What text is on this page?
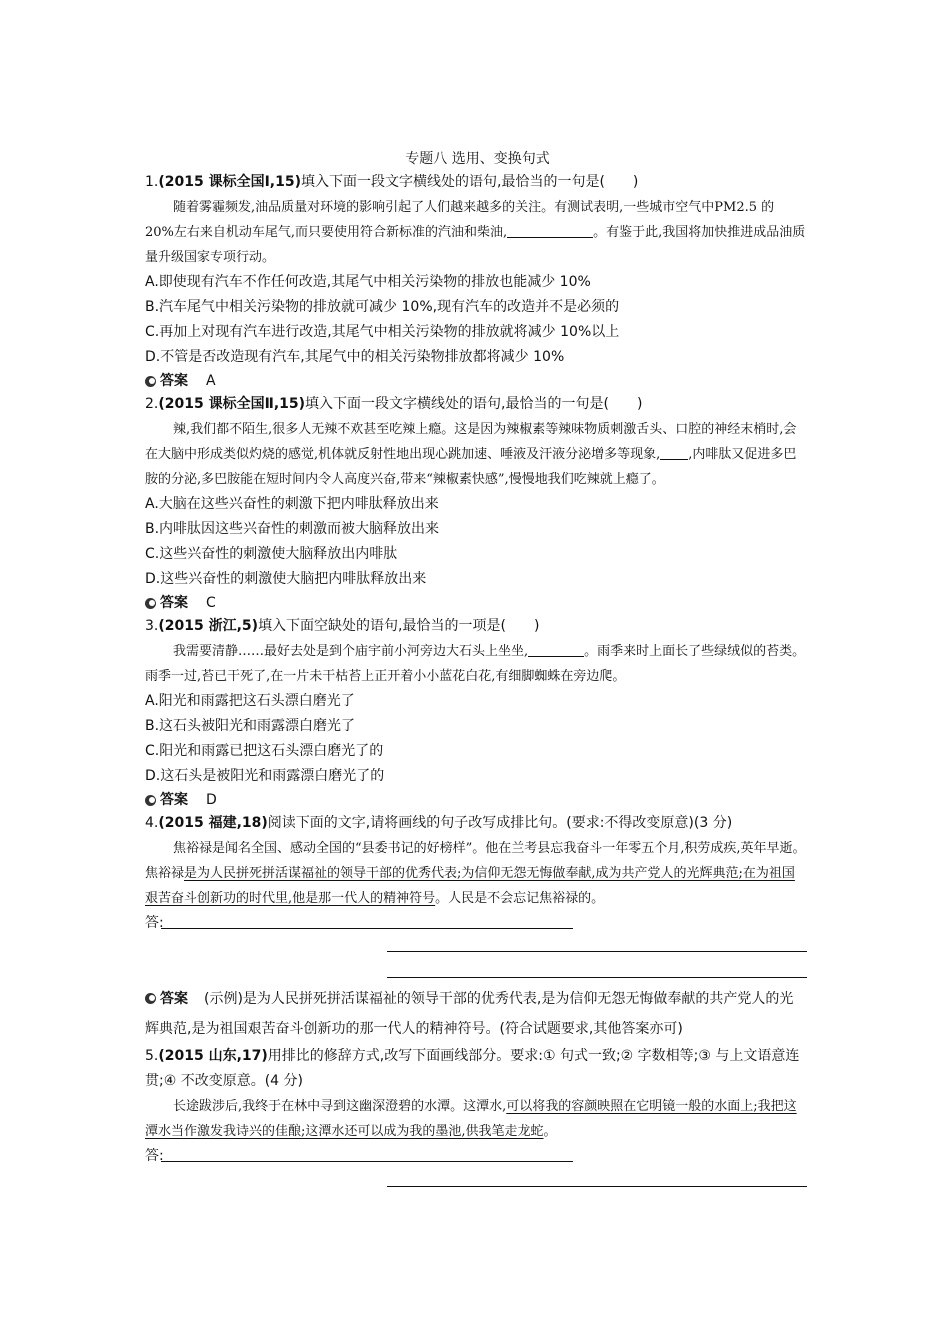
专题八 选用、变换句式
1.(2015 课标全国Ⅰ,15)填入下面一段文字横线处的语句,最恰当的一句是(　　)

随着雾霾频发,油品质量对环境的影响引起了人们越来越多的关注。有测试表明,一些城市空气中PM2.5 的 20%左右来自机动车尾气,而只要使用符合新标准的汽油和柴油,	。有鉴于此,我国将加快推进成品油质量升级国家专项行动。

A.即使现有汽车不作任何改造,其尾气中相关污染物的排放也能减少 10%
B.汽车尾气中相关污染物的排放就可减少 10%,现有汽车的改造并不是必须的
C.再加上对现有汽车进行改造,其尾气中相关污染物的排放就将减少 10%以上
D.不管是否改造现有汽车,其尾气中的相关污染物排放都将减少 10%
答案 A
2.(2015 课标全国Ⅱ,15)填入下面一段文字横线处的语句,最恰当的一句是(　　)

辣,我们都不陌生,很多人无辣不欢甚至吃辣上瘾。这是因为辣椒素等辣味物质刺激舌头、口腔的神经末梢时,会在大脑中形成类似灼烧的感觉,机体就反射性地出现心跳加速、唾液及汗液分泌增多等现象, ,内啡肽又促进多巴胺的分泌,多巴胺能在短时间内令人高度兴奋,带来“辣椒素快感”,慢慢地我们吃辣就上瘾了。

A.大脑在这些兴奋性的刺激下把内啡肽释放出来
B.内啡肽因这些兴奋性的刺激而被大脑释放出来
C.这些兴奋性的刺激使大脑释放出内啡肽
D.这些兴奋性的刺激使大脑把内啡肽释放出来
答案 C
3.(2015 浙江,5)填入下面空缺处的语句,最恰当的一项是(　　)

我需要清静……最好去处是到个庙宇前小河旁边大石头上坐坐,	。雨季来时上面长了些绿绒似的苔类。雨季一过,苔已干死了,在一片未干枯苔上正开着小小蓝花白花,有细脚蜘蛛在旁边爬。

A.阳光和雨露把这石头漂白磨光了
B.这石头被阳光和雨露漂白磨光了
C.阳光和雨露已把这石头漂白磨光了的
D.这石头是被阳光和雨露漂白磨光了的
答案 D
4.(2015 福建,18)阅读下面的文字,请将画线的句子改写成排比句。(要求:不得改变原意)(3 分)

焦裕禄是闻名全国、感动全国的“县委书记的好榜样”。他在兰考县忘我奋斗一年零五个月,积劳成疾,英年早逝。焦裕禄是为人民拼死拼活谋福祉的领导干部的优秀代表;为信仰无怨无悔做奉献,成为共产党人的光辉典范;在为祖国艰苦奋斗创新功的时代里,他是那一代人的精神符号。人民是不会忘记焦裕禄的。

答:
答案 (示例)是为人民拼死拼活谋福祉的领导干部的优秀代表,是为信仰无怨无悔做奉献的共产党人的光辉典范,是为祖国艰苦奋斗创新功的那一代人的精神符号。(符合试题要求,其他答案亦可)
5.(2015 山东,17)用排比的修辞方式,改写下面画线部分。要求:① 句式一致;② 字数相等;③ 与上文语意连贯;④ 不改变原意。(4 分)

长途跋涉后,我终于在林中寻到这幽深澄碧的水潭。这潭水,可以将我的容颜映照在它明镜一般的水面上;我把这潭水当作激发我诗兴的佳酿;这潭水还可以成为我的墨池,供我笔走龙蛇。

答:
